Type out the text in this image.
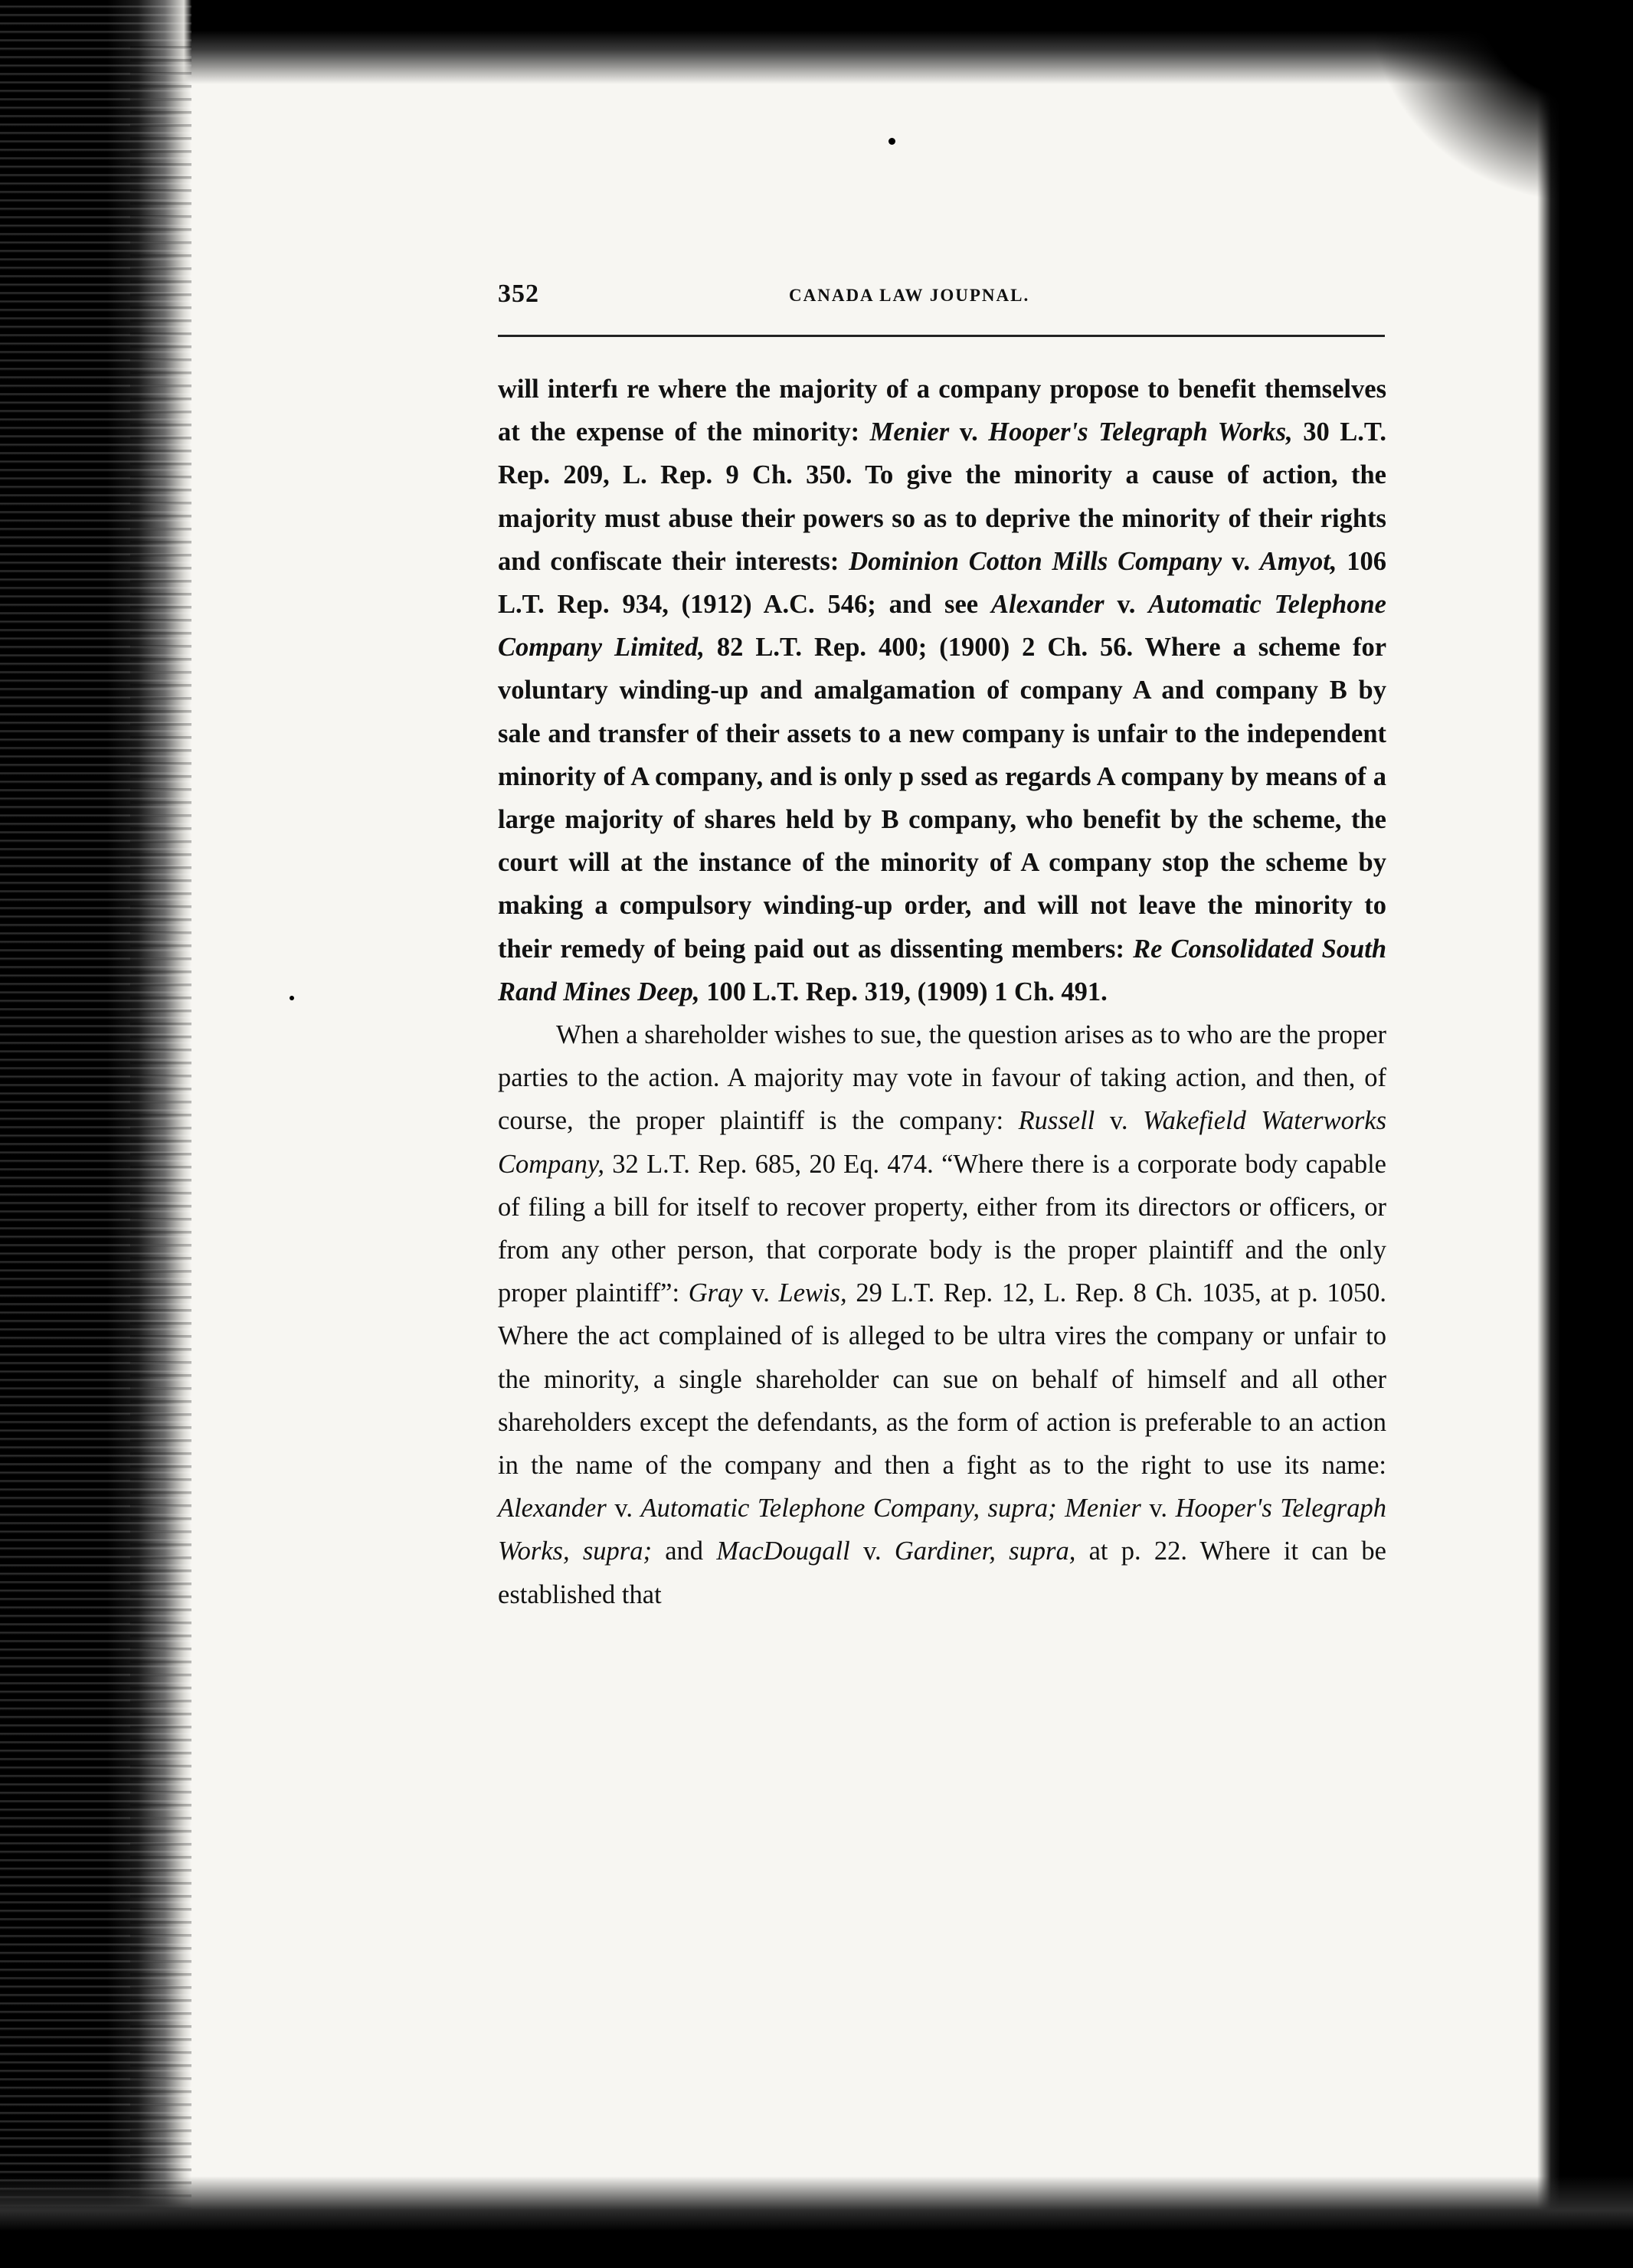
352	CANADA LAW JOUPNAL.

will interfı re where the majority of a company propose to benefit themselves at the expense of the minority: Menier v. Hooper's Telegraph Works, 30 L.T. Rep. 209, L. Rep. 9 Ch. 350. To give the minority a cause of action, the majority must abuse their powers so as to deprive the minority of their rights and confiscate their interests: Dominion Cotton Mills Company v. Amyot, 106 L.T. Rep. 934, (1912) A.C. 546; and see Alexander v. Automatic Telephone Company Limited, 82 L.T. Rep. 400; (1900) 2 Ch. 56. Where a scheme for voluntary winding-up and amalgamation of company A and company B by sale and transfer of their assets to a new company is unfair to the independent minority of A company, and is only p ssed as regards A company by means of a large majority of shares held by B company, who benefit by the scheme, the court will at the instance of the minority of A company stop the scheme by making a compulsory winding-up order, and will not leave the minority to their remedy of being paid out as dissenting members: Re Consolidated South Rand Mines Deep, 100 L.T. Rep. 319, (1909) 1 Ch. 491.

When a shareholder wishes to sue, the question arises as to who are the proper parties to the action. A majority may vote in favour of taking action, and then, of course, the proper plaintiff is the company: Russell v. Wakefield Waterworks Company, 32 L.T. Rep. 685, 20 Eq. 474. “Where there is a corporate body capable of filing a bill for itself to recover property, either from its directors or officers, or from any other person, that corporate body is the proper plaintiff and the only proper plaintiff”: Gray v. Lewis, 29 L.T. Rep. 12, L. Rep. 8 Ch. 1035, at p. 1050. Where the act complained of is alleged to be ultra vires the company or unfair to the minority, a single shareholder can sue on behalf of himself and all other shareholders except the defendants, as the form of action is preferable to an action in the name of the company and then a fight as to the right to use its name: Alexander v. Automatic Telephone Company, supra; Menier v. Hooper's Telegraph Works, supra; and MacDougall v. Gardiner, supra, at p. 22. Where it can be established that
